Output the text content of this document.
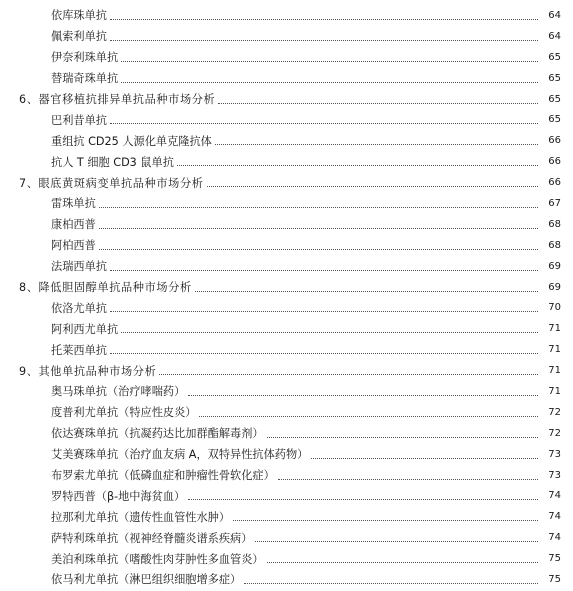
依库珠单抗	64
佩索利单抗	64
伊奈利珠单抗	65
替瑞奇珠单抗	65
6、器官移植抗排异单抗品种市场分析	65
巴利昔单抗	65
重组抗 CD25 人源化单克隆抗体	66
抗人 T 细胞 CD3 鼠单抗	66
7、眼底黄斑病变单抗品种市场分析	66
雷珠单抗	67
康柏西普	68
阿柏西普	68
法瑞西单抗	69
8、降低胆固醇单抗品种市场分析	69
依洛尤单抗	70
阿利西尤单抗	71
托莱西单抗	71
9、其他单抗品种市场分析	71
奥马珠单抗（治疗哮喘药）	71
度普利尤单抗（特应性皮炎）	72
依达赛珠单抗（抗凝药达比加群酯解毒剂）	72
艾美赛珠单抗（治疗血友病 A，双特异性抗体药物）	73
布罗索尤单抗（低磷血症和肿瘤性骨软化症）	73
罗特西普（β-地中海贫血）	74
拉那利尤单抗（遗传性血管性水肿）	74
萨特利珠单抗（视神经脊髓炎谱系疾病）	74
美泊利珠单抗（嗜酸性肉芽肿性多血管炎）	75
依马利尤单抗（淋巴组织细胞增多症）	75
